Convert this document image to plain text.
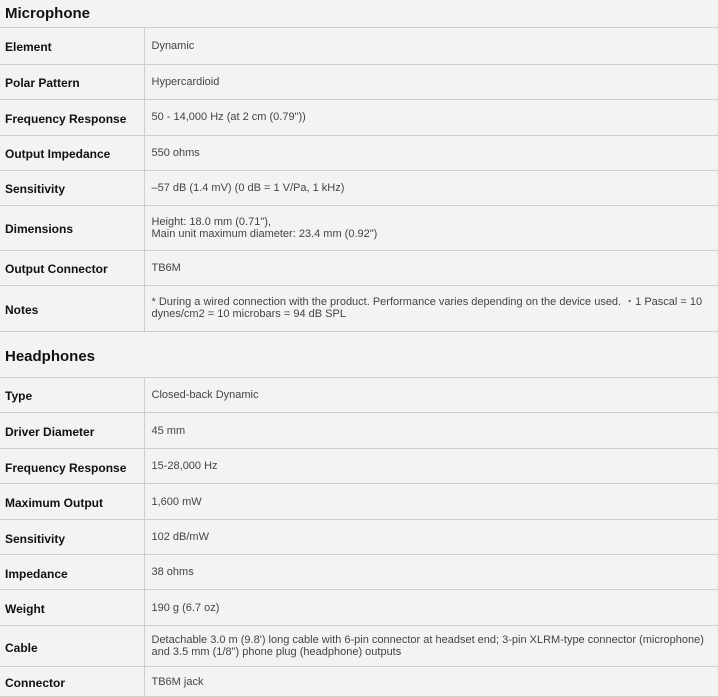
Microphone
Element	Dynamic

Polar Pattern	Hypercardioid

Frequency Response	50 - 14,000 Hz (at 2 cm (0.79"))

Output Impedance	550 ohms

Sensitivity	–57 dB (1.4 mV) (0 dB = 1 V/Pa, 1 kHz)

Dimensions	Height: 18.0 mm (0.71"),
Main unit maximum diameter: 23.4 mm (0.92")

Output Connector	TB6M

Notes	* During a wired connection with the product. Performance varies depending on the device used. ・1 Pascal = 10
dynes/cm2 = 10 microbars = 94 dB SPL
Headphones
Type	Closed-back Dynamic

Driver Diameter	45 mm

Frequency Response	15-28,000 Hz

Maximum Output	1,600 mW

Sensitivity	102 dB/mW

Impedance	38 ohms

Weight	190 g (6.7 oz)

Cable	Detachable 3.0 m (9.8') long cable with 6-pin connector at headset end; 3-pin XLRM-type connector (microphone)
and 3.5 mm (1/8") phone plug (headphone) outputs

Connector	TB6M jack
